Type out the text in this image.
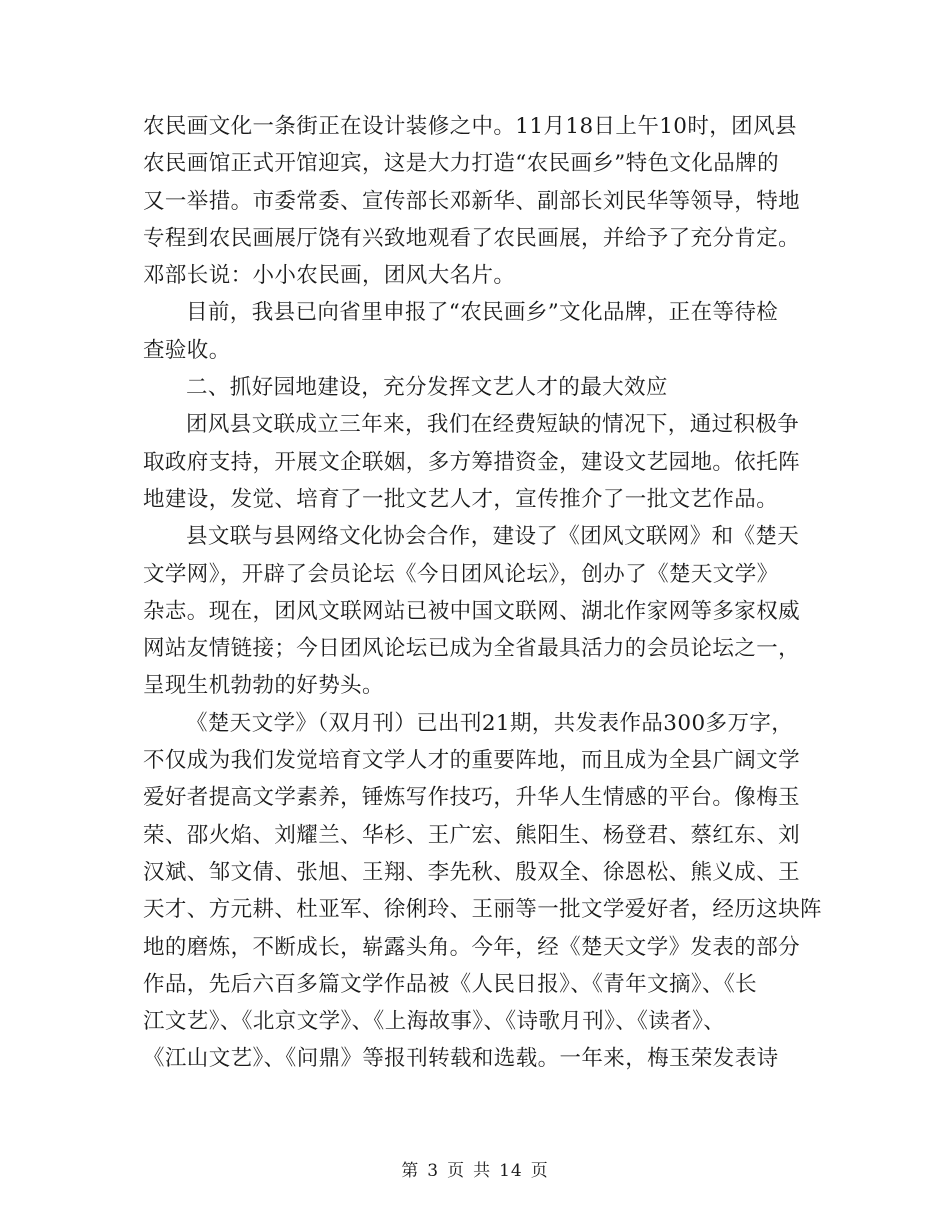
农民画文化一条街正在设计装修之中。11月18日上午10时，团风县
农民画馆正式开馆迎宾，这是大力打造“农民画乡”特色文化品牌的
又一举措。市委常委、宣传部长邓新华、副部长刘民华等领导，特地
专程到农民画展厅饶有兴致地观看了农民画展，并给予了充分肯定。
邓部长说：小小农民画，团风大名片。
目前，我县已向省里申报了“农民画乡”文化品牌，正在等待检
查验收。
二、抓好园地建设，充分发挥文艺人才的最大效应
团风县文联成立三年来，我们在经费短缺的情况下，通过积极争
取政府支持，开展文企联姻，多方筹措资金，建设文艺园地。依托阵
地建设，发觉、培育了一批文艺人才，宣传推介了一批文艺作品。
县文联与县网络文化协会合作，建设了《团风文联网》和《楚天
文学网》，开辟了会员论坛《今日团风论坛》，创办了《楚天文学》
杂志。现在，团风文联网站已被中国文联网、湖北作家网等多家权威
网站友情链接；今日团风论坛已成为全省最具活力的会员论坛之一，
呈现生机勃勃的好势头。
《楚天文学》（双月刊）已出刊21期，共发表作品300多万字，
不仅成为我们发觉培育文学人才的重要阵地，而且成为全县广阔文学
爱好者提高文学素养，锤炼写作技巧，升华人生情感的平台。像梅玉
荣、邵火焰、刘耀兰、华杉、王广宏、熊阳生、杨登君、蔡红东、刘
汉斌、邹文倩、张旭、王翔、李先秋、殷双全、徐恩松、熊义成、王
天才、方元耕、杜亚军、徐俐玲、王丽等一批文学爱好者，经历这块阵
地的磨炼，不断成长，崭露头角。今年，经《楚天文学》发表的部分
作品，先后六百多篇文学作品被《人民日报》、《青年文摘》、《长
江文艺》、《北京文学》、《上海故事》、《诗歌月刊》、《读者》、
《江山文艺》、《问鼎》等报刊转载和选载。一年来，梅玉荣发表诗
第 3 页 共 14 页
